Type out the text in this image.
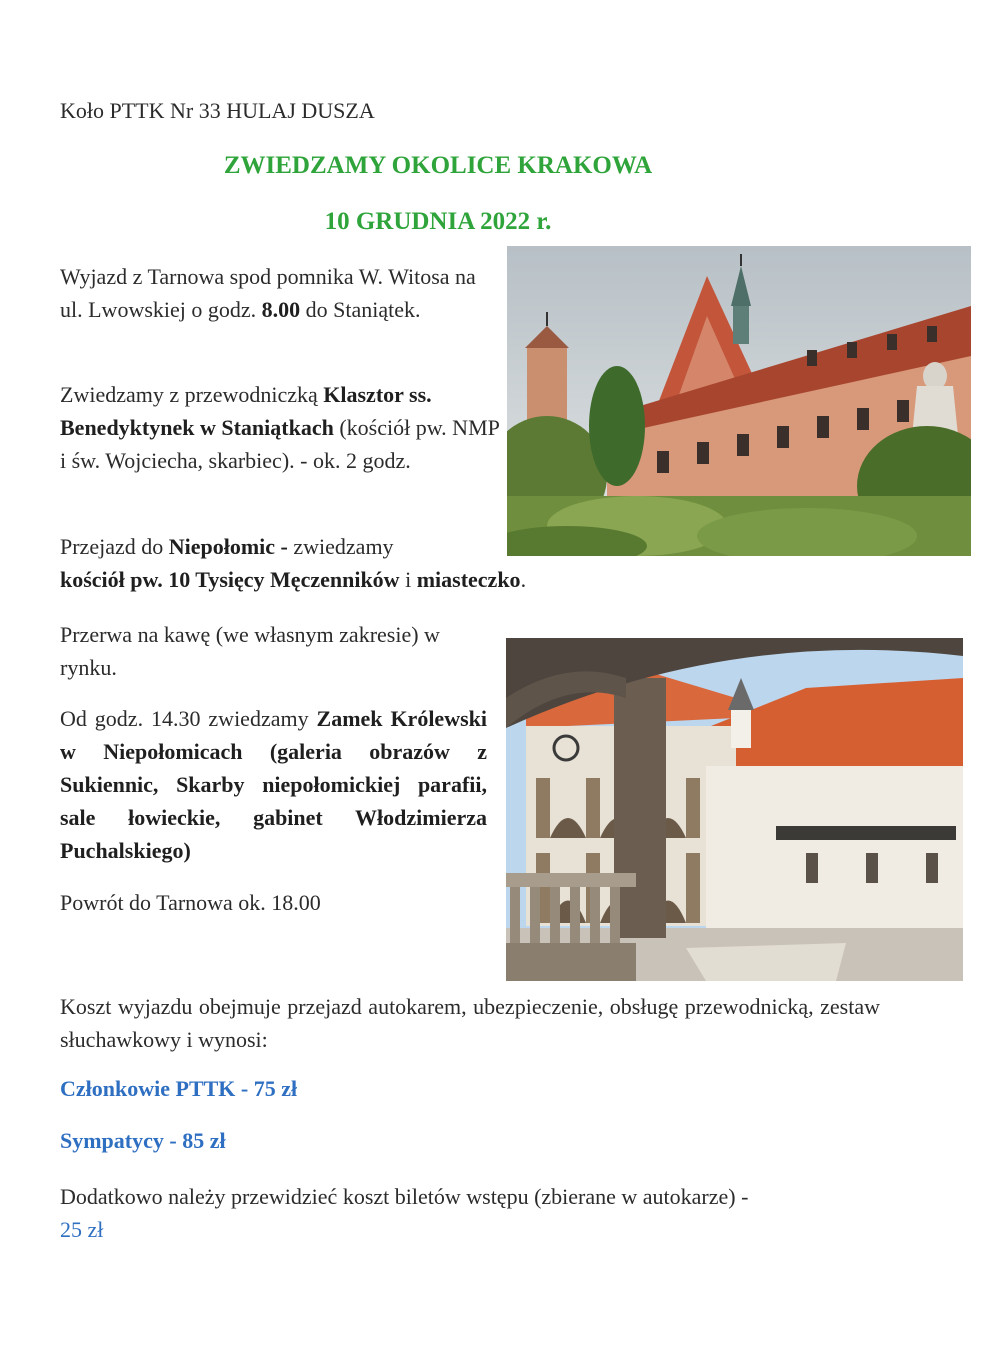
Koło PTTK Nr 33 HULAJ DUSZA
ZWIEDZAMY OKOLICE KRAKOWA
10 GRUDNIA 2022 r.
Wyjazd z Tarnowa spod pomnika W. Witosa na ul. Lwowskiej o godz. 8.00 do Staniątek.
Zwiedzamy z przewodniczką Klasztor ss. Benedyktynek w Staniątkach (kościół pw. NMP i św. Wojciecha, skarbiec). - ok. 2 godz.
Przejazd do Niepołomic - zwiedzamy
kościół pw. 10 Tysięcy Męczenników i miasteczko.
Przerwa na kawę (we własnym zakresie) w rynku.
Od godz. 14.30 zwiedzamy Zamek Królewski w Niepołomicach (galeria obrazów z Sukiennic, Skarby niepołomickiej parafii, sale łowieckie, gabinet Włodzimierza Puchalskiego)
Powrót do Tarnowa ok. 18.00
Koszt wyjazdu obejmuje przejazd autokarem, ubezpieczenie, obsługę przewodnicką, zestaw słuchawkowy i wynosi:
Członkowie PTTK - 75 zł
Sympatycy - 85 zł
Dodatkowo należy przewidzieć koszt biletów wstępu (zbierane w autokarze) -
25 zł
